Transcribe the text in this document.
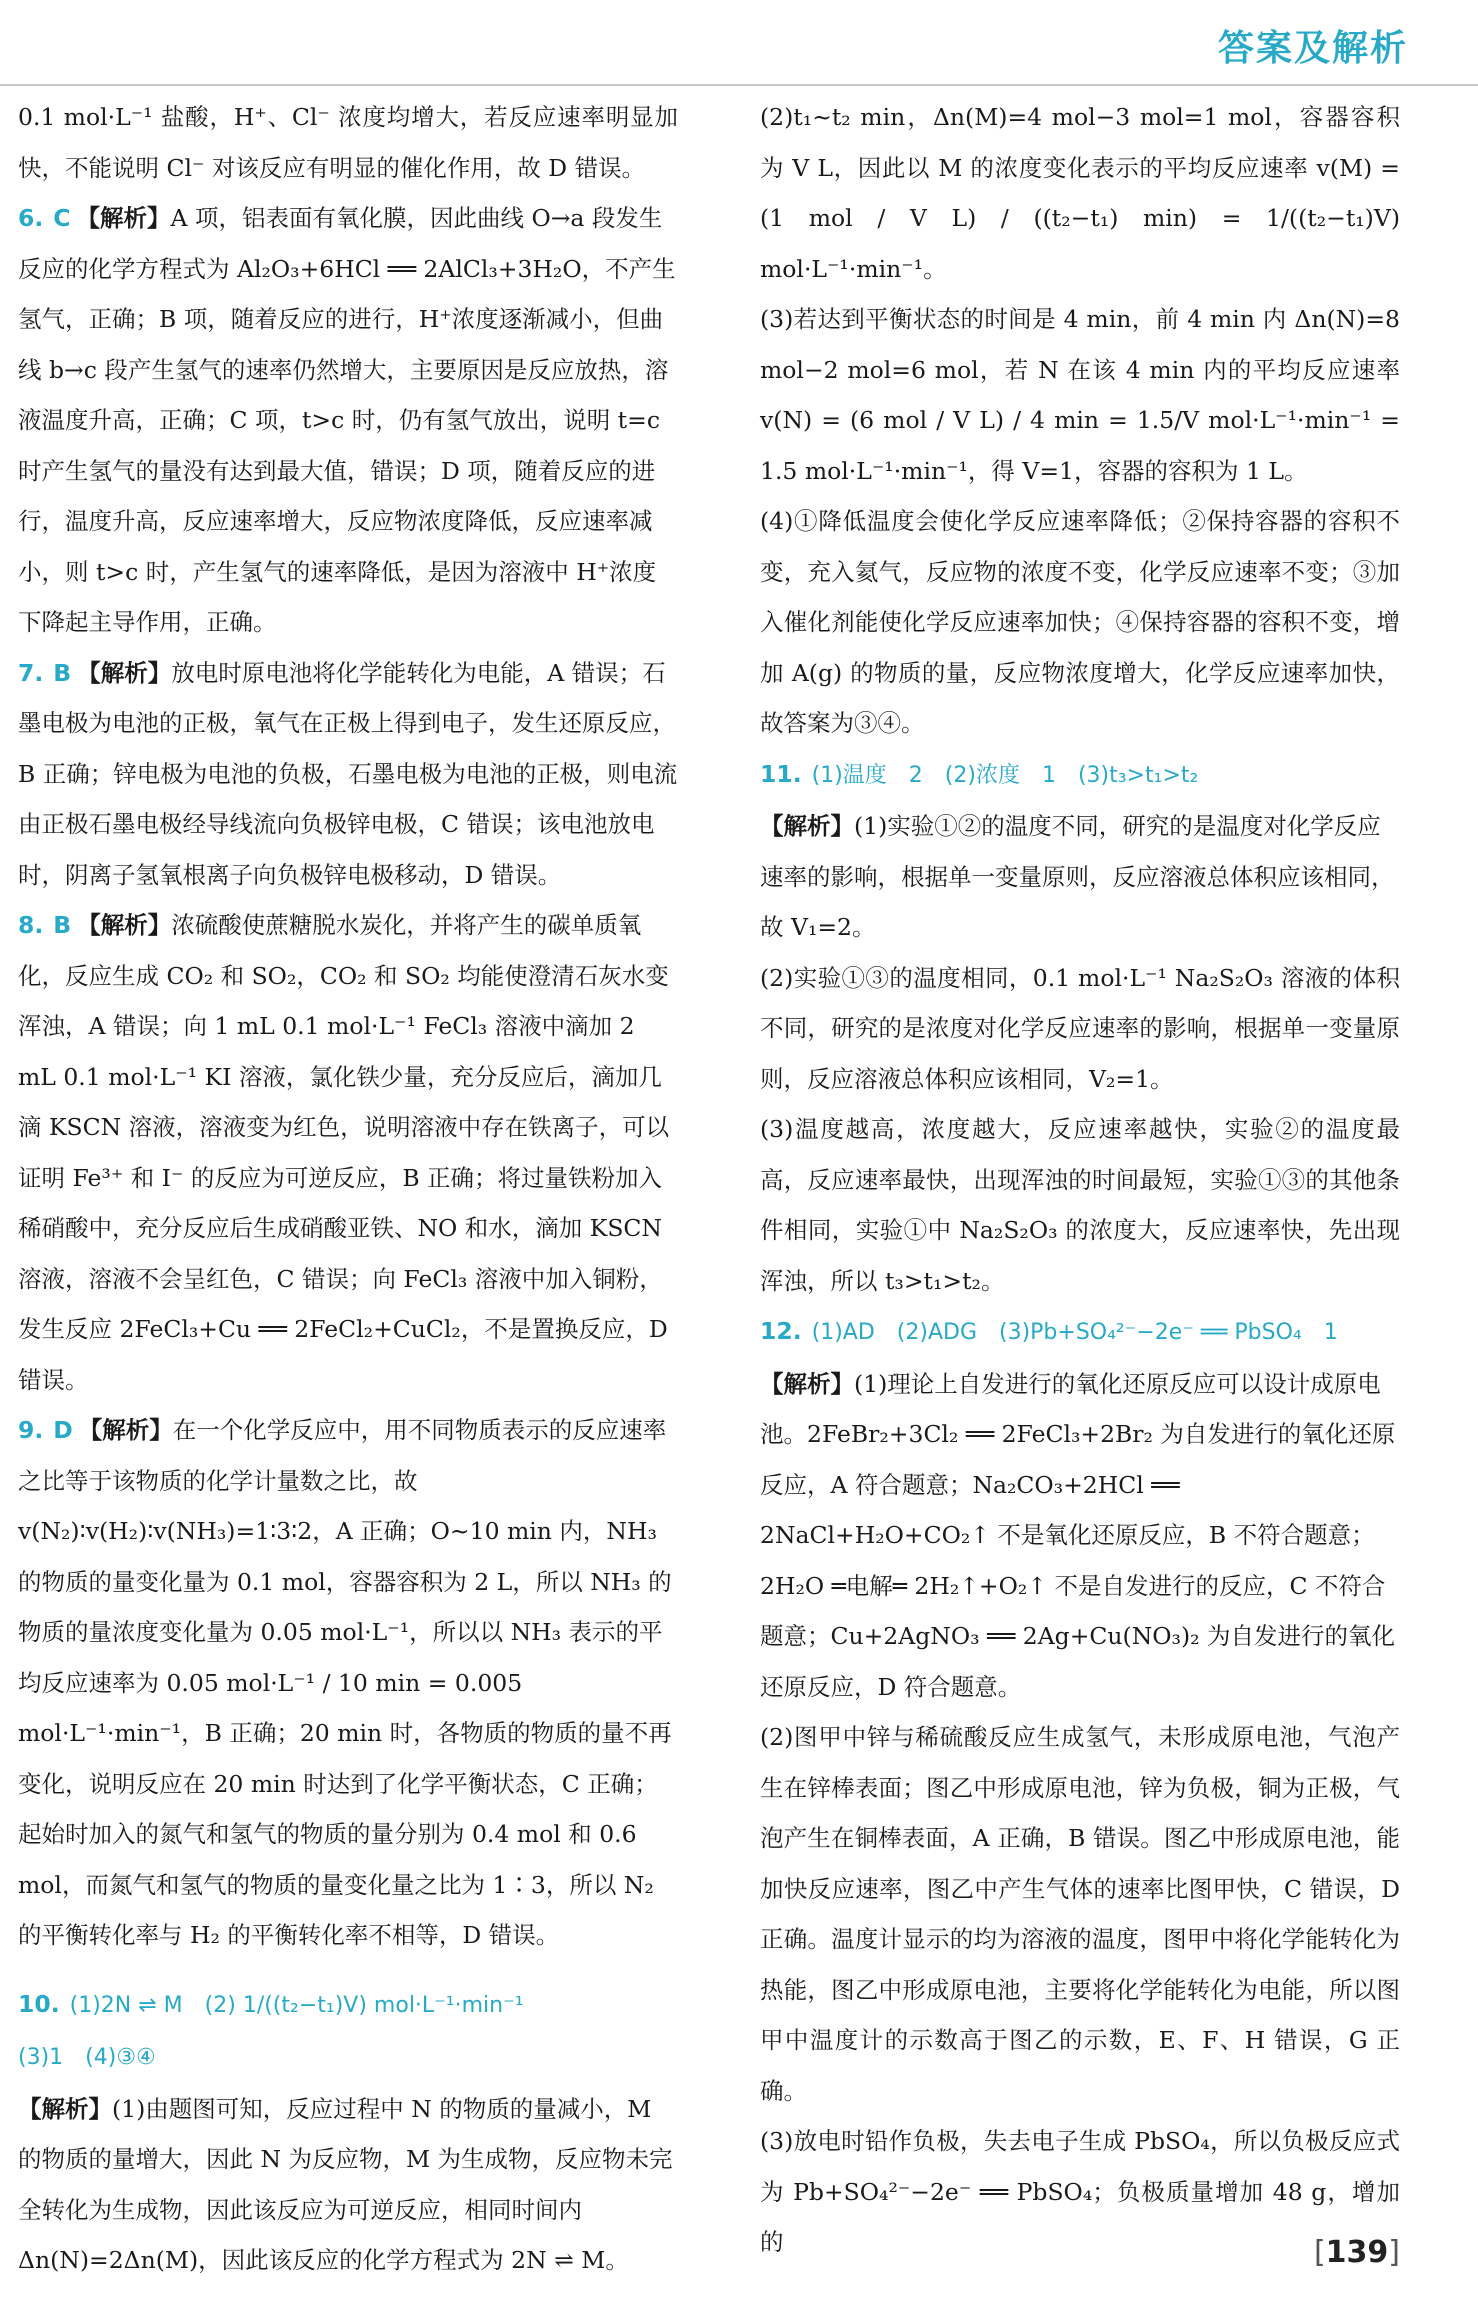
答案及解析

0.1 mol·L⁻¹ 盐酸，H⁺、Cl⁻ 浓度均增大，若反应速率明显加快，不能说明 Cl⁻ 对该反应有明显的催化作用，故 D 错误。

6. C 【解析】A 项，铝表面有氧化膜，因此曲线 O→a 段发生反应的化学方程式为 Al₂O₃+6HCl ══ 2AlCl₃+3H₂O，不产生氢气，正确；B 项，随着反应的进行，H⁺浓度逐渐减小，但曲线 b→c 段产生氢气的速率仍然增大，主要原因是反应放热，溶液温度升高，正确；C 项，t>c 时，仍有氢气放出，说明 t=c 时产生氢气的量没有达到最大值，错误；D 项，随着反应的进行，温度升高，反应速率增大，反应物浓度降低，反应速率减小，则 t>c 时，产生氢气的速率降低，是因为溶液中 H⁺浓度下降起主导作用，正确。
7. B 【解析】放电时原电池将化学能转化为电能，A 错误；石墨电极为电池的正极，氧气在正极上得到电子，发生还原反应，B 正确；锌电极为电池的负极，石墨电极为电池的正极，则电流由正极石墨电极经导线流向负极锌电极，C 错误；该电池放电时，阴离子氢氧根离子向负极锌电极移动，D 错误。
8. B 【解析】浓硫酸使蔗糖脱水炭化，并将产生的碳单质氧化，反应生成 CO₂ 和 SO₂，CO₂ 和 SO₂ 均能使澄清石灰水变浑浊，A 错误；向 1 mL 0.1 mol·L⁻¹ FeCl₃ 溶液中滴加 2 mL 0.1 mol·L⁻¹ KI 溶液，氯化铁少量，充分反应后，滴加几滴 KSCN 溶液，溶液变为红色，说明溶液中存在铁离子，可以证明 Fe³⁺ 和 I⁻ 的反应为可逆反应，B 正确；将过量铁粉加入稀硝酸中，充分反应后生成硝酸亚铁、NO 和水，滴加 KSCN 溶液，溶液不会呈红色，C 错误；向 FeCl₃ 溶液中加入铜粉，发生反应 2FeCl₃+Cu ══ 2FeCl₂+CuCl₂，不是置换反应，D 错误。
9. D 【解析】在一个化学反应中，用不同物质表示的反应速率之比等于该物质的化学计量数之比，故 v(N₂)∶v(H₂)∶v(NH₃)=1∶3∶2，A 正确；O~10 min 内，NH₃ 的物质的量变化量为 0.1 mol，容器容积为 2 L，所以 NH₃ 的物质的量浓度变化量为 0.05 mol·L⁻¹，所以以 NH₃ 表示的平均反应速率为 0.05 mol·L⁻¹ / 10 min = 0.005 mol·L⁻¹·min⁻¹，B 正确；20 min 时，各物质的物质的量不再变化，说明反应在 20 min 时达到了化学平衡状态，C 正确；起始时加入的氮气和氢气的物质的量分别为 0.4 mol 和 0.6 mol，而氮气和氢气的物质的量变化量之比为 1∶3，所以 N₂ 的平衡转化率与 H₂ 的平衡转化率不相等，D 错误。
10. (1)2N ⇌ M　(2) 1/((t₂−t₁)V) mol·L⁻¹·min⁻¹
(3)1　(4)③④
【解析】(1)由题图可知，反应过程中 N 的物质的量减小，M 的物质的量增大，因此 N 为反应物，M 为生成物，反应物未完全转化为生成物，因此该反应为可逆反应，相同时间内 Δn(N)=2Δn(M)，因此该反应的化学方程式为 2N ⇌ M。

(2)t₁~t₂ min，Δn(M)=4 mol−3 mol=1 mol，容器容积为 V L，因此以 M 的浓度变化表示的平均反应速率 v(M) = (1 mol / V L) / ((t₂−t₁) min) = 1/((t₂−t₁)V) mol·L⁻¹·min⁻¹。

(3)若达到平衡状态的时间是 4 min，前 4 min 内 Δn(N)=8 mol−2 mol=6 mol，若 N 在该 4 min 内的平均反应速率 v(N) = (6 mol / V L) / 4 min = 1.5/V mol·L⁻¹·min⁻¹ = 1.5 mol·L⁻¹·min⁻¹，得 V=1，容器的容积为 1 L。

(4)①降低温度会使化学反应速率降低；②保持容器的容积不变，充入氦气，反应物的浓度不变，化学反应速率不变；③加入催化剂能使化学反应速率加快；④保持容器的容积不变，增加 A(g) 的物质的量，反应物浓度增大，化学反应速率加快，故答案为③④。

11. (1)温度　2　(2)浓度　1　(3)t₃>t₁>t₂
【解析】(1)实验①②的温度不同，研究的是温度对化学反应速率的影响，根据单一变量原则，反应溶液总体积应该相同，故 V₁=2。

(2)实验①③的温度相同，0.1 mol·L⁻¹ Na₂S₂O₃ 溶液的体积不同，研究的是浓度对化学反应速率的影响，根据单一变量原则，反应溶液总体积应该相同，V₂=1。

(3)温度越高，浓度越大，反应速率越快，实验②的温度最高，反应速率最快，出现浑浊的时间最短，实验①③的其他条件相同，实验①中 Na₂S₂O₃ 的浓度大，反应速率快，先出现浑浊，所以 t₃>t₁>t₂。

12. (1)AD　(2)ADG　(3)Pb+SO₄²⁻−2e⁻ ══ PbSO₄　1
【解析】(1)理论上自发进行的氧化还原反应可以设计成原电池。2FeBr₂+3Cl₂ ══ 2FeCl₃+2Br₂ 为自发进行的氧化还原反应，A 符合题意；Na₂CO₃+2HCl ══ 2NaCl+H₂O+CO₂↑ 不是氧化还原反应，B 不符合题意；2H₂O ═电解═ 2H₂↑+O₂↑ 不是自发进行的反应，C 不符合题意；Cu+2AgNO₃ ══ 2Ag+Cu(NO₃)₂ 为自发进行的氧化还原反应，D 符合题意。

(2)图甲中锌与稀硫酸反应生成氢气，未形成原电池，气泡产生在锌棒表面；图乙中形成原电池，锌为负极，铜为正极，气泡产生在铜棒表面，A 正确，B 错误。图乙中形成原电池，能加快反应速率，图乙中产生气体的速率比图甲快，C 错误，D 正确。温度计显示的均为溶液的温度，图甲中将化学能转化为热能，图乙中形成原电池，主要将化学能转化为电能，所以图甲中温度计的示数高于图乙的示数，E、F、H 错误，G 正确。

(3)放电时铅作负极，失去电子生成 PbSO₄，所以负极反应式为 Pb+SO₄²⁻−2e⁻ ══ PbSO₄；负极质量增加 48 g，增加的	[139]
